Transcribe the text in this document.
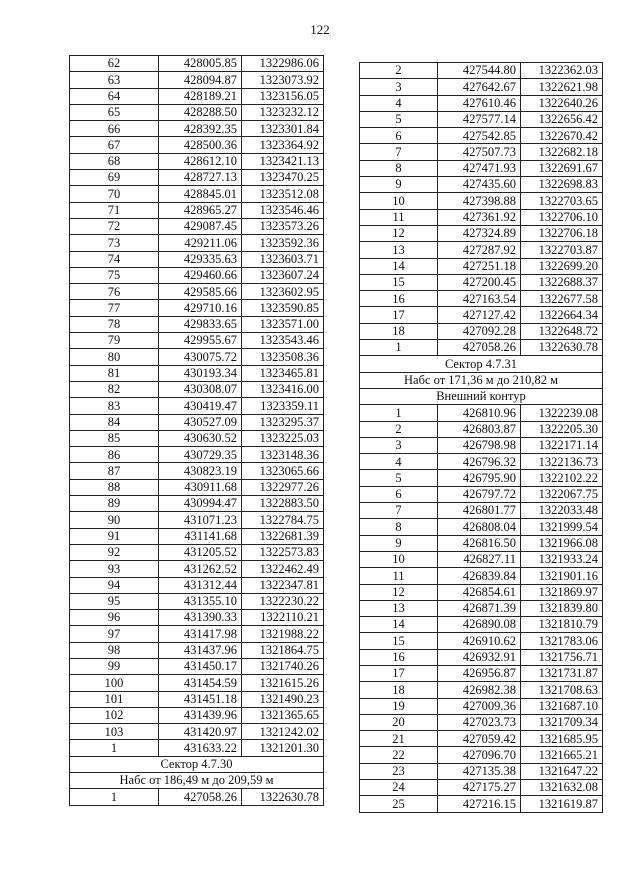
122
62	428005.85	1322986.06
63	428094.87	1323073.92
64	428189.21	1323156.05
65	428288.50	1323232.12
66	428392.35	1323301.84
67	428500.36	1323364.92
68	428612.10	1323421.13
69	428727.13	1323470.25
70	428845.01	1323512.08
71	428965.27	1323546.46
72	429087.45	1323573.26
73	429211.06	1323592.36
74	429335.63	1323603.71
75	429460.66	1323607.24
76	429585.66	1323602.95
77	429710.16	1323590.85
78	429833.65	1323571.00
79	429955.67	1323543.46
80	430075.72	1323508.36
81	430193.34	1323465.81
82	430308.07	1323416.00
83	430419.47	1323359.11
84	430527.09	1323295.37
85	430630.52	1323225.03
86	430729.35	1323148.36
87	430823.19	1323065.66
88	430911.68	1322977.26
89	430994.47	1322883.50
90	431071.23	1322784.75
91	431141.68	1322681.39
92	431205.52	1322573.83
93	431262.52	1322462.49
94	431312.44	1322347.81
95	431355.10	1322230.22
96	431390.33	1322110.21
97	431417.98	1321988.22
98	431437.96	1321864.75
99	431450.17	1321740.26
100	431454.59	1321615.26
101	431451.18	1321490.23
102	431439.96	1321365.65
103	431420.97	1321242.02
1	431633.22	1321201.30
Сектор 4.7.30		
Набс от 186,49 м до 209,59 м		
1	427058.26	1322630.78
2	427544.80	1322362.03
3	427642.67	1322621.98
4	427610.46	1322640.26
5	427577.14	1322656.42
6	427542.85	1322670.42
7	427507.73	1322682.18
8	427471.93	1322691.67
9	427435.60	1322698.83
10	427398.88	1322703.65
11	427361.92	1322706.10
12	427324.89	1322706.18
13	427287.92	1322703.87
14	427251.18	1322699.20
15	427200.45	1322688.37
16	427163.54	1322677.58
17	427127.42	1322664.34
18	427092.28	1322648.72
1	427058.26	1322630.78
Сектор 4.7.31		
Набс от 171,36 м до 210,82 м		
Внешний контур		
1	426810.96	1322239.08
2	426803.87	1322205.30
3	426798.98	1322171.14
4	426796.32	1322136.73
5	426795.90	1322102.22
6	426797.72	1322067.75
7	426801.77	1322033.48
8	426808.04	1321999.54
9	426816.50	1321966.08
10	426827.11	1321933.24
11	426839.84	1321901.16
12	426854.61	1321869.97
13	426871.39	1321839.80
14	426890.08	1321810.79
15	426910.62	1321783.06
16	426932.91	1321756.71
17	426956.87	1321731.87
18	426982.38	1321708.63
19	427009.36	1321687.10
20	427023.73	1321709.34
21	427059.42	1321685.95
22	427096.70	1321665.21
23	427135.38	1321647.22
24	427175.27	1321632.08
25	427216.15	1321619.87
